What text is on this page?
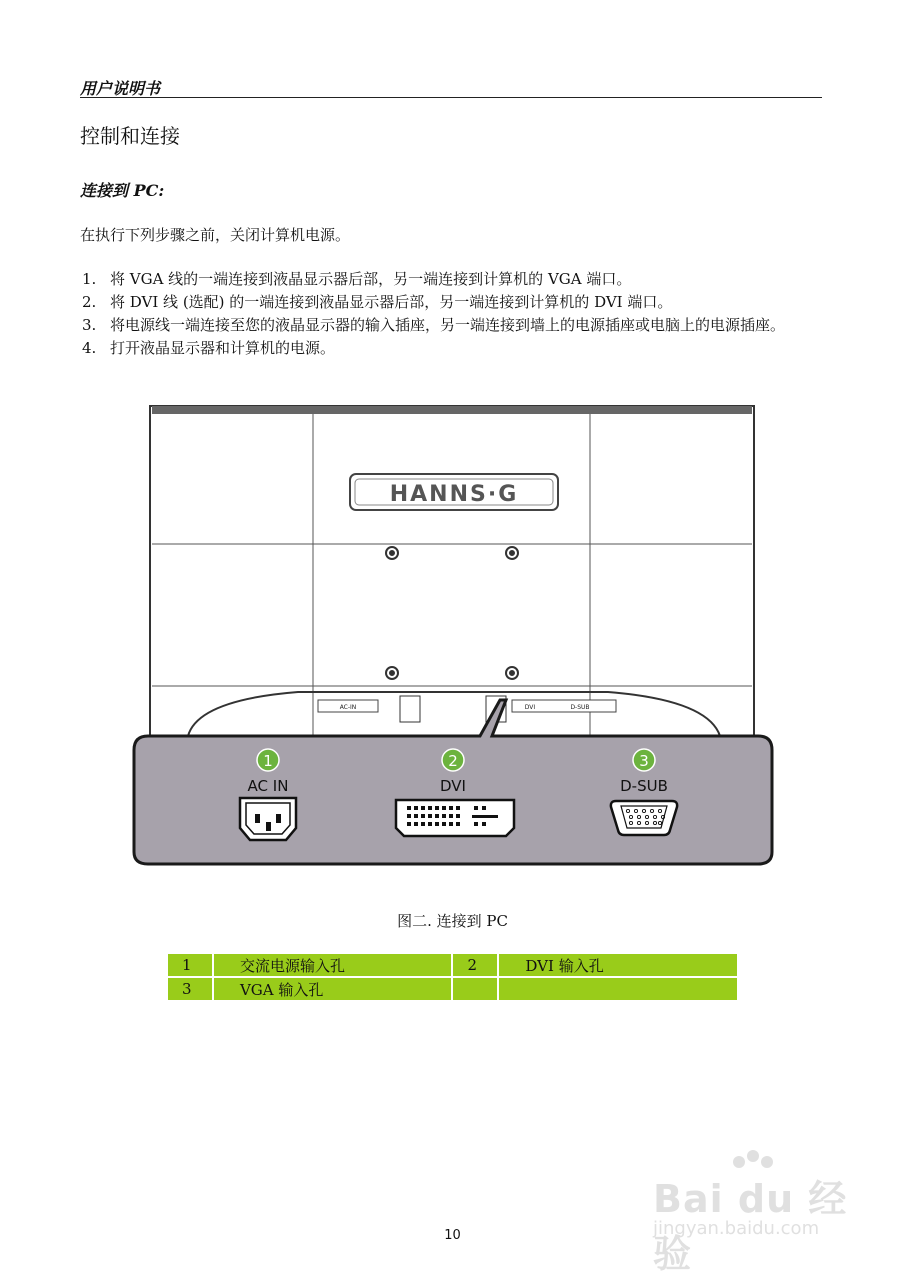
用户说明书
控制和连接
连接到 PC:
在执行下列步骤之前，关闭计算机电源。
1. 将 VGA 线的一端连接到液晶显示器后部，另一端连接到计算机的 VGA 端口。
2. 将 DVI 线 (选配) 的一端连接到液晶显示器后部，另一端连接到计算机的 DVI 端口。
3. 将电源线一端连接至您的液晶显示器的输入插座，另一端连接到墙上的电源插座或电脑上的电源插座。
4. 打开液晶显示器和计算机的电源。
HANNS·G
AC-IN	DVI	D-SUB
1
AC IN
2
DVI
3
D-SUB
图二. 连接到 PC
1	交流电源输入孔	2	DVI 输入孔
3	VGA 输入孔		
Bai du 经验
jingyan.baidu.com
10
